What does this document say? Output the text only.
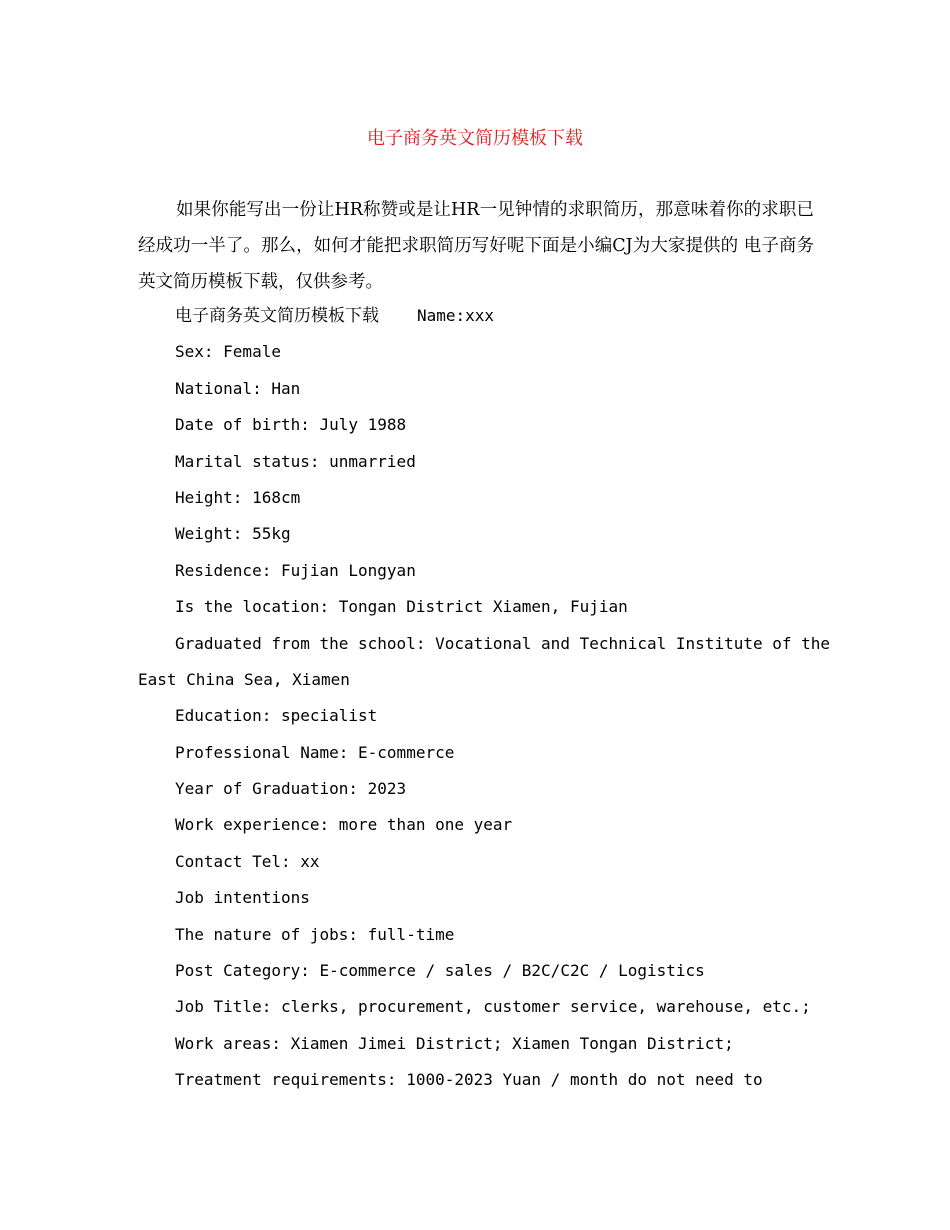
电子商务英文简历模板下载
如果你能写出一份让HR称赞或是让HR一见钟情的求职简历，那意味着你的求职已经成功一半了。那么，如何才能把求职简历写好呢下面是小编CJ为大家提供的 电子商务英文简历模板下载，仅供参考。
电子商务英文简历模板下载 Name:xxx
Sex: Female
National: Han
Date of birth: July 1988
Marital status: unmarried
Height: 168cm
Weight: 55kg
Residence: Fujian Longyan
Is the location: Tongan District Xiamen, Fujian
Graduated from the school: Vocational and Technical Institute of the
East China Sea, Xiamen
Education: specialist
Professional Name: E-commerce
Year of Graduation: 2023
Work experience: more than one year
Contact Tel: xx
Job intentions
The nature of jobs: full-time
Post Category: E-commerce / sales / B2C/C2C / Logistics
Job Title: clerks, procurement, customer service, warehouse, etc.;
Work areas: Xiamen Jimei District; Xiamen Tongan District;
Treatment requirements: 1000-2023 Yuan / month do not need to
